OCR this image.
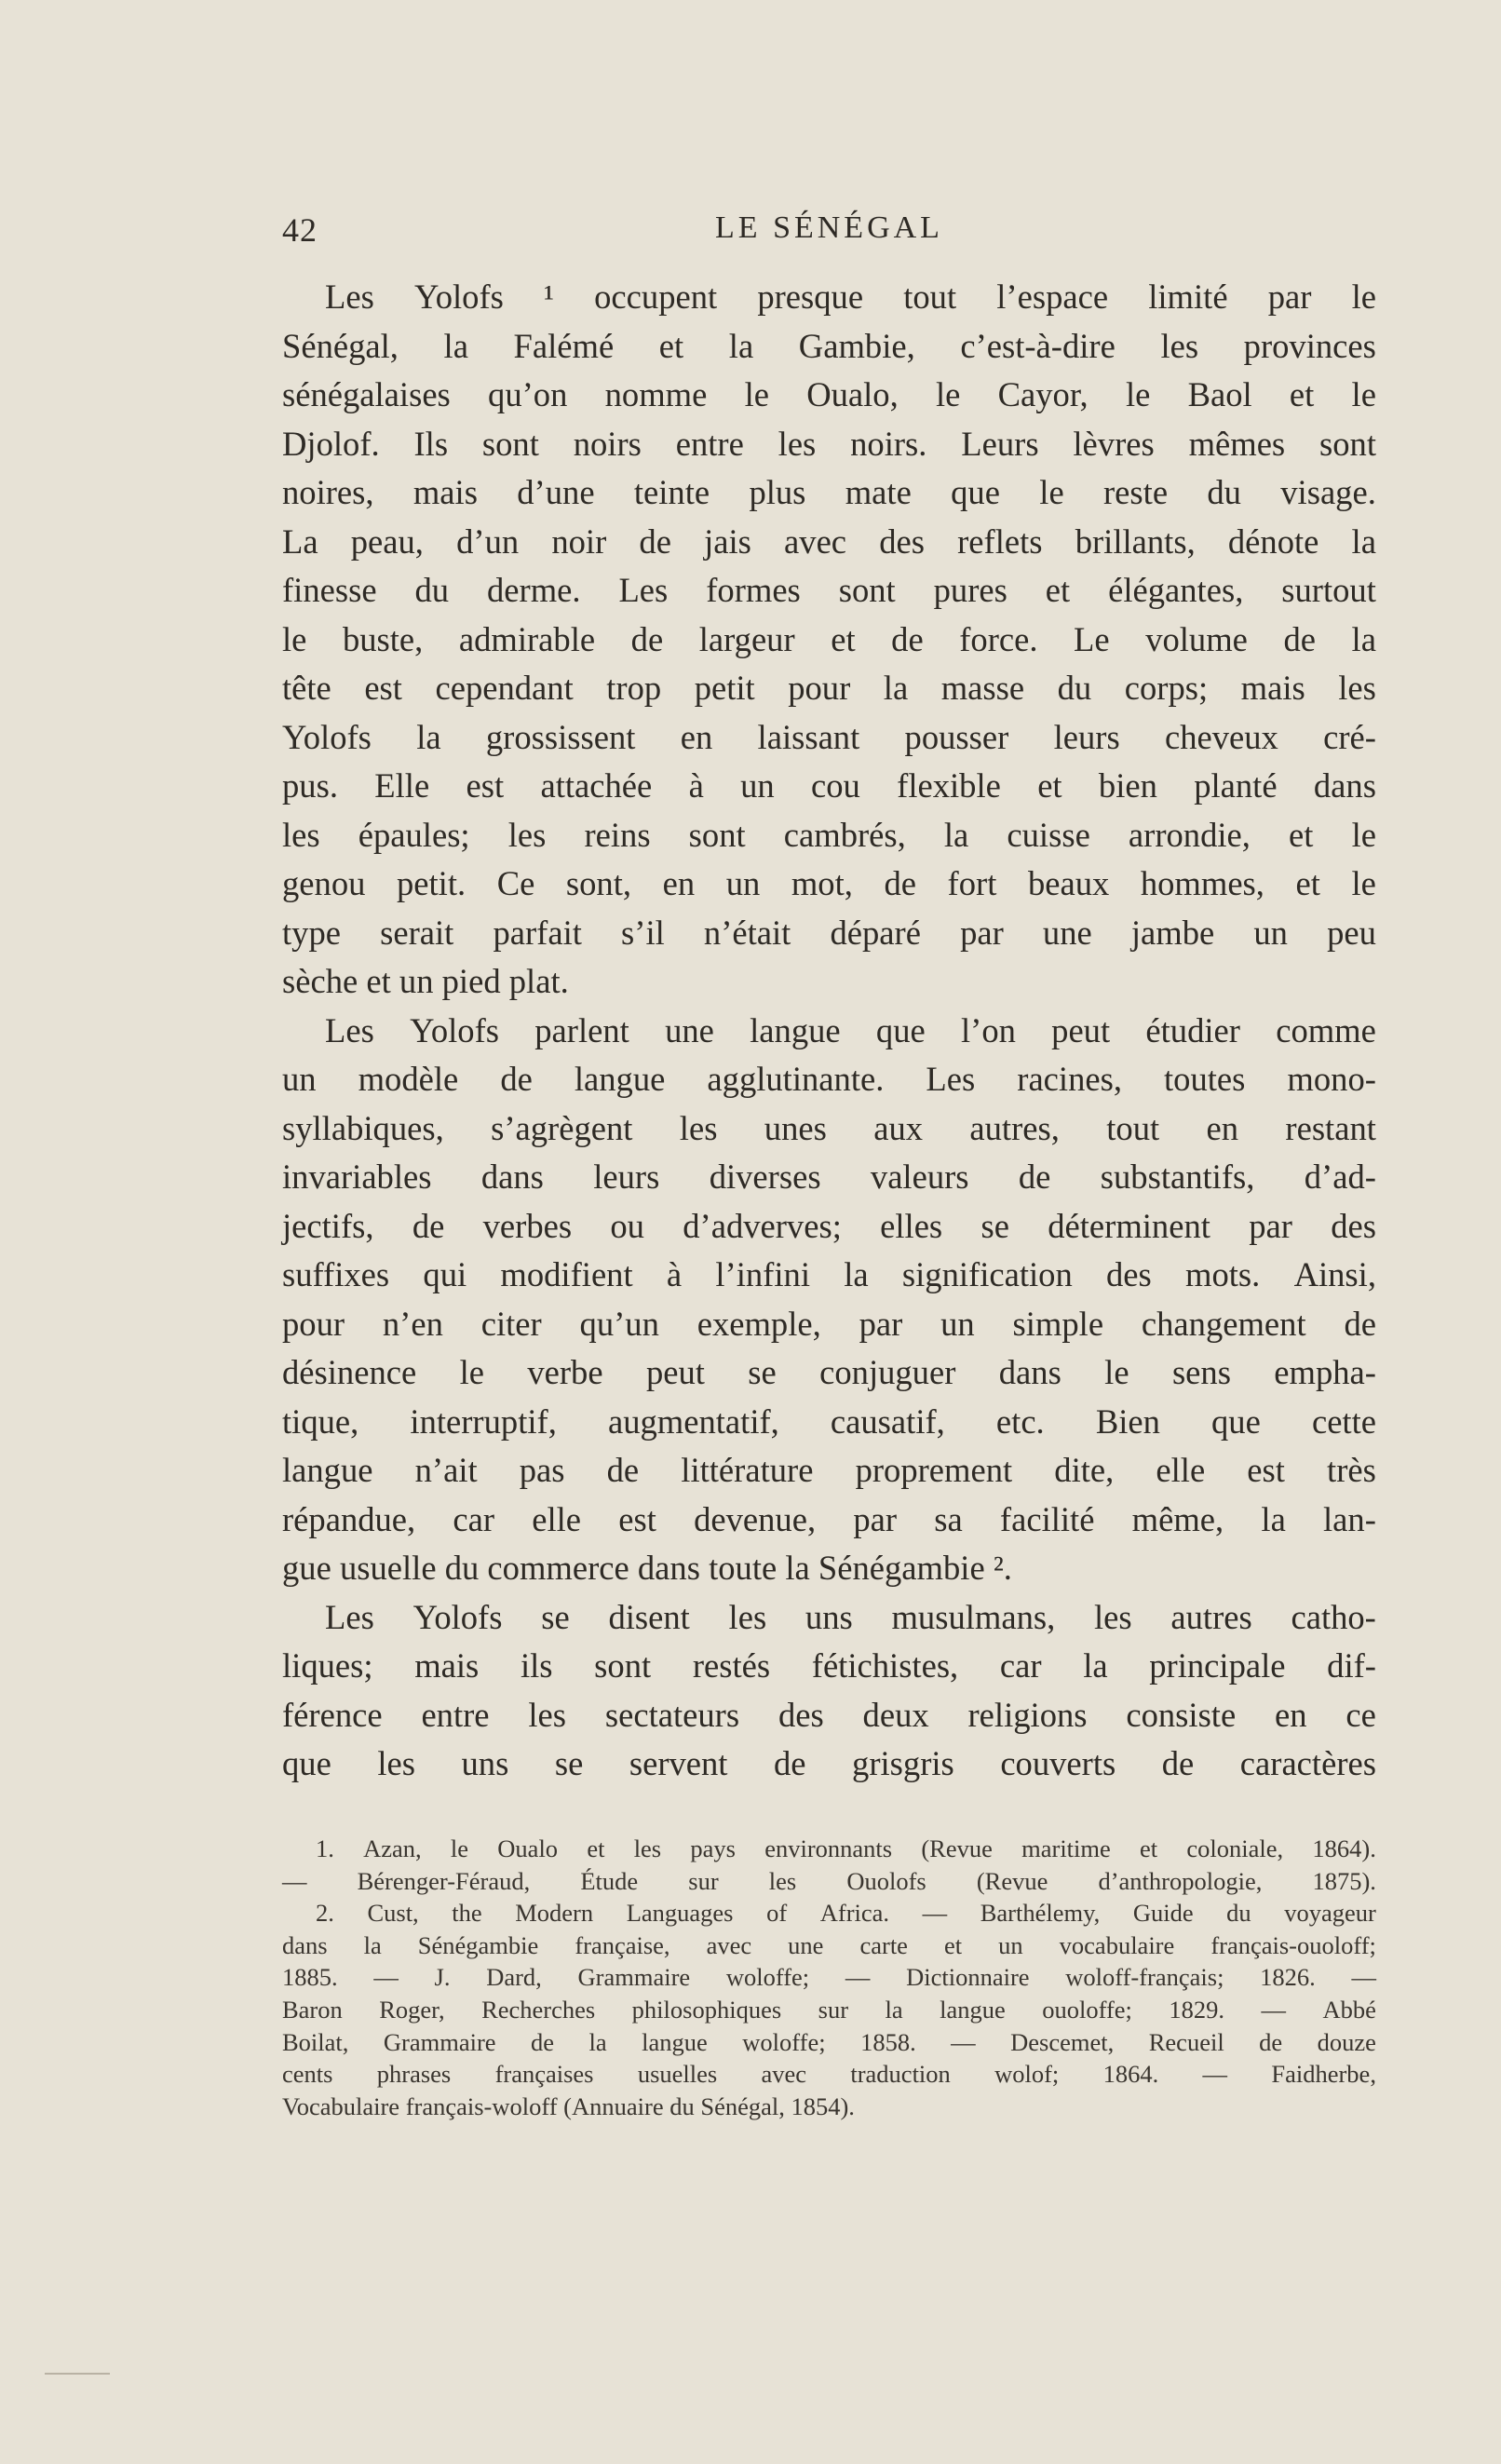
42	LE SÉNÉGAL
Les Yolofs ¹ occupent presque tout l’espace limité par le
Sénégal, la Falémé et la Gambie, c’est-à-dire les provinces
sénégalaises qu’on nomme le Oualo, le Cayor, le Baol et le
Djolof. Ils sont noirs entre les noirs. Leurs lèvres mêmes sont
noires, mais d’une teinte plus mate que le reste du visage.
La peau, d’un noir de jais avec des reflets brillants, dénote la
finesse du derme. Les formes sont pures et élégantes, surtout
le buste, admirable de largeur et de force. Le volume de la
tête est cependant trop petit pour la masse du corps; mais les
Yolofs la grossissent en laissant pousser leurs cheveux cré-
pus. Elle est attachée à un cou flexible et bien planté dans
les épaules; les reins sont cambrés, la cuisse arrondie, et le
genou petit. Ce sont, en un mot, de fort beaux hommes, et le
type serait parfait s’il n’était déparé par une jambe un peu
sèche et un pied plat.
Les Yolofs parlent une langue que l’on peut étudier comme
un modèle de langue agglutinante. Les racines, toutes mono-
syllabiques, s’agrègent les unes aux autres, tout en restant
invariables dans leurs diverses valeurs de substantifs, d’ad-
jectifs, de verbes ou d’adverves; elles se déterminent par des
suffixes qui modifient à l’infini la signification des mots. Ainsi,
pour n’en citer qu’un exemple, par un simple changement de
désinence le verbe peut se conjuguer dans le sens empha-
tique, interruptif, augmentatif, causatif, etc. Bien que cette
langue n’ait pas de littérature proprement dite, elle est très
répandue, car elle est devenue, par sa facilité même, la lan-
gue usuelle du commerce dans toute la Sénégambie ².
Les Yolofs se disent les uns musulmans, les autres catho-
liques; mais ils sont restés fétichistes, car la principale dif-
férence entre les sectateurs des deux religions consiste en ce
que les uns se servent de grisgris couverts de caractères
1. Azan, le Oualo et les pays environnants (Revue maritime et coloniale, 1864).
— Bérenger-Féraud, Étude sur les Ouolofs (Revue d’anthropologie, 1875).
2. Cust, the Modern Languages of Africa. — Barthélemy, Guide du voyageur
dans la Sénégambie française, avec une carte et un vocabulaire français-ouoloff;
1885. — J. Dard, Grammaire woloffe; — Dictionnaire woloff-français; 1826. —
Baron Roger, Recherches philosophiques sur la langue ouoloffe; 1829. — Abbé
Boilat, Grammaire de la langue woloffe; 1858. — Descemet, Recueil de douze
cents phrases françaises usuelles avec traduction wolof; 1864. — Faidherbe,
Vocabulaire français-woloff (Annuaire du Sénégal, 1854).
